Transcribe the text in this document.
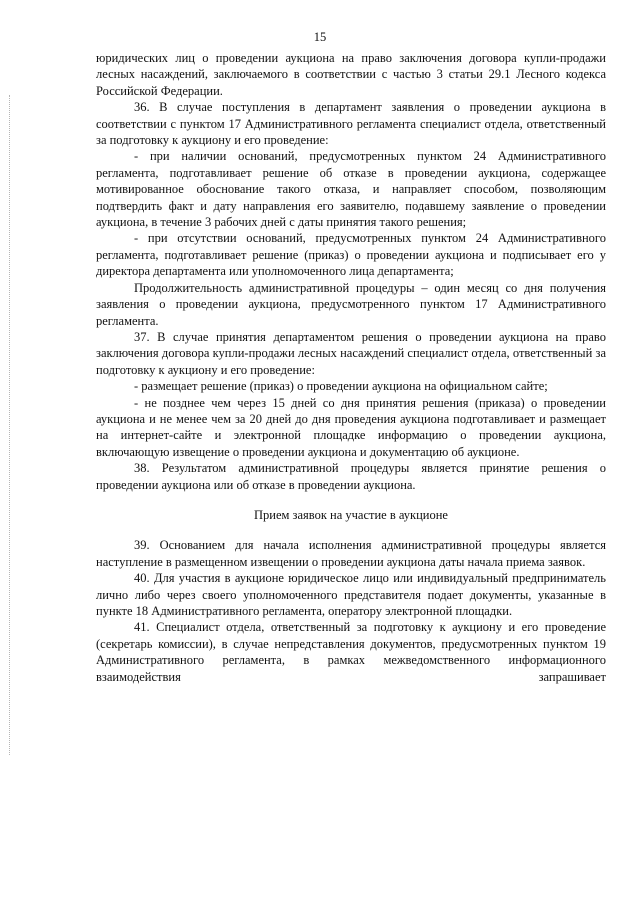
15

юридических лиц о проведении аукциона на право заключения договора купли-продажи лесных насаждений, заключаемого в соответствии с частью 3 статьи 29.1 Лесного кодекса Российской Федерации.

36. В случае поступления в департамент заявления о проведении аукциона в соответствии с пунктом 17 Административного регламента специалист отдела, ответственный за подготовку к аукциону и его проведение:

- при наличии оснований, предусмотренных пунктом 24 Административного регламента, подготавливает решение об отказе в проведении аукциона, содержащее мотивированное обоснование такого отказа, и направляет способом, позволяющим подтвердить факт и дату направления его заявителю, подавшему заявление о проведении аукциона, в течение 3 рабочих дней с даты принятия такого решения;

- при отсутствии оснований, предусмотренных пунктом 24 Административного регламента, подготавливает решение (приказ) о проведении аукциона и подписывает его у директора департамента или уполномоченного лица департамента;

Продолжительность административной процедуры – один месяц со дня получения заявления о проведении аукциона, предусмотренного пунктом 17 Административного регламента.

37. В случае принятия департаментом решения о проведении аукциона на право заключения договора купли-продажи лесных насаждений специалист отдела, ответственный за подготовку к аукциону и его проведение:

- размещает решение (приказ) о проведении аукциона на официальном сайте;

- не позднее чем через 15 дней со дня принятия решения (приказа) о проведении аукциона и не менее чем за 20 дней до дня проведения аукциона подготавливает и размещает на интернет-сайте и электронной площадке информацию о проведении аукциона, включающую извещение о проведении аукциона и документацию об аукционе.

38. Результатом административной процедуры является принятие решения о проведении аукциона или об отказе в проведении аукциона.

Прием заявок на участие в аукционе

39. Основанием для начала исполнения административной процедуры является наступление в размещенном извещении о проведении аукциона даты начала приема заявок.

40. Для участия в аукционе юридическое лицо или индивидуальный предприниматель лично либо через своего уполномоченного представителя подает документы, указанные в пункте 18 Административного регламента, оператору электронной площадки.

41. Специалист отдела, ответственный за подготовку к аукциону и его проведение (секретарь комиссии), в случае непредставления документов, предусмотренных пунктом 19 Административного регламента, в рамках межведомственного информационного взаимодействия запрашивает
